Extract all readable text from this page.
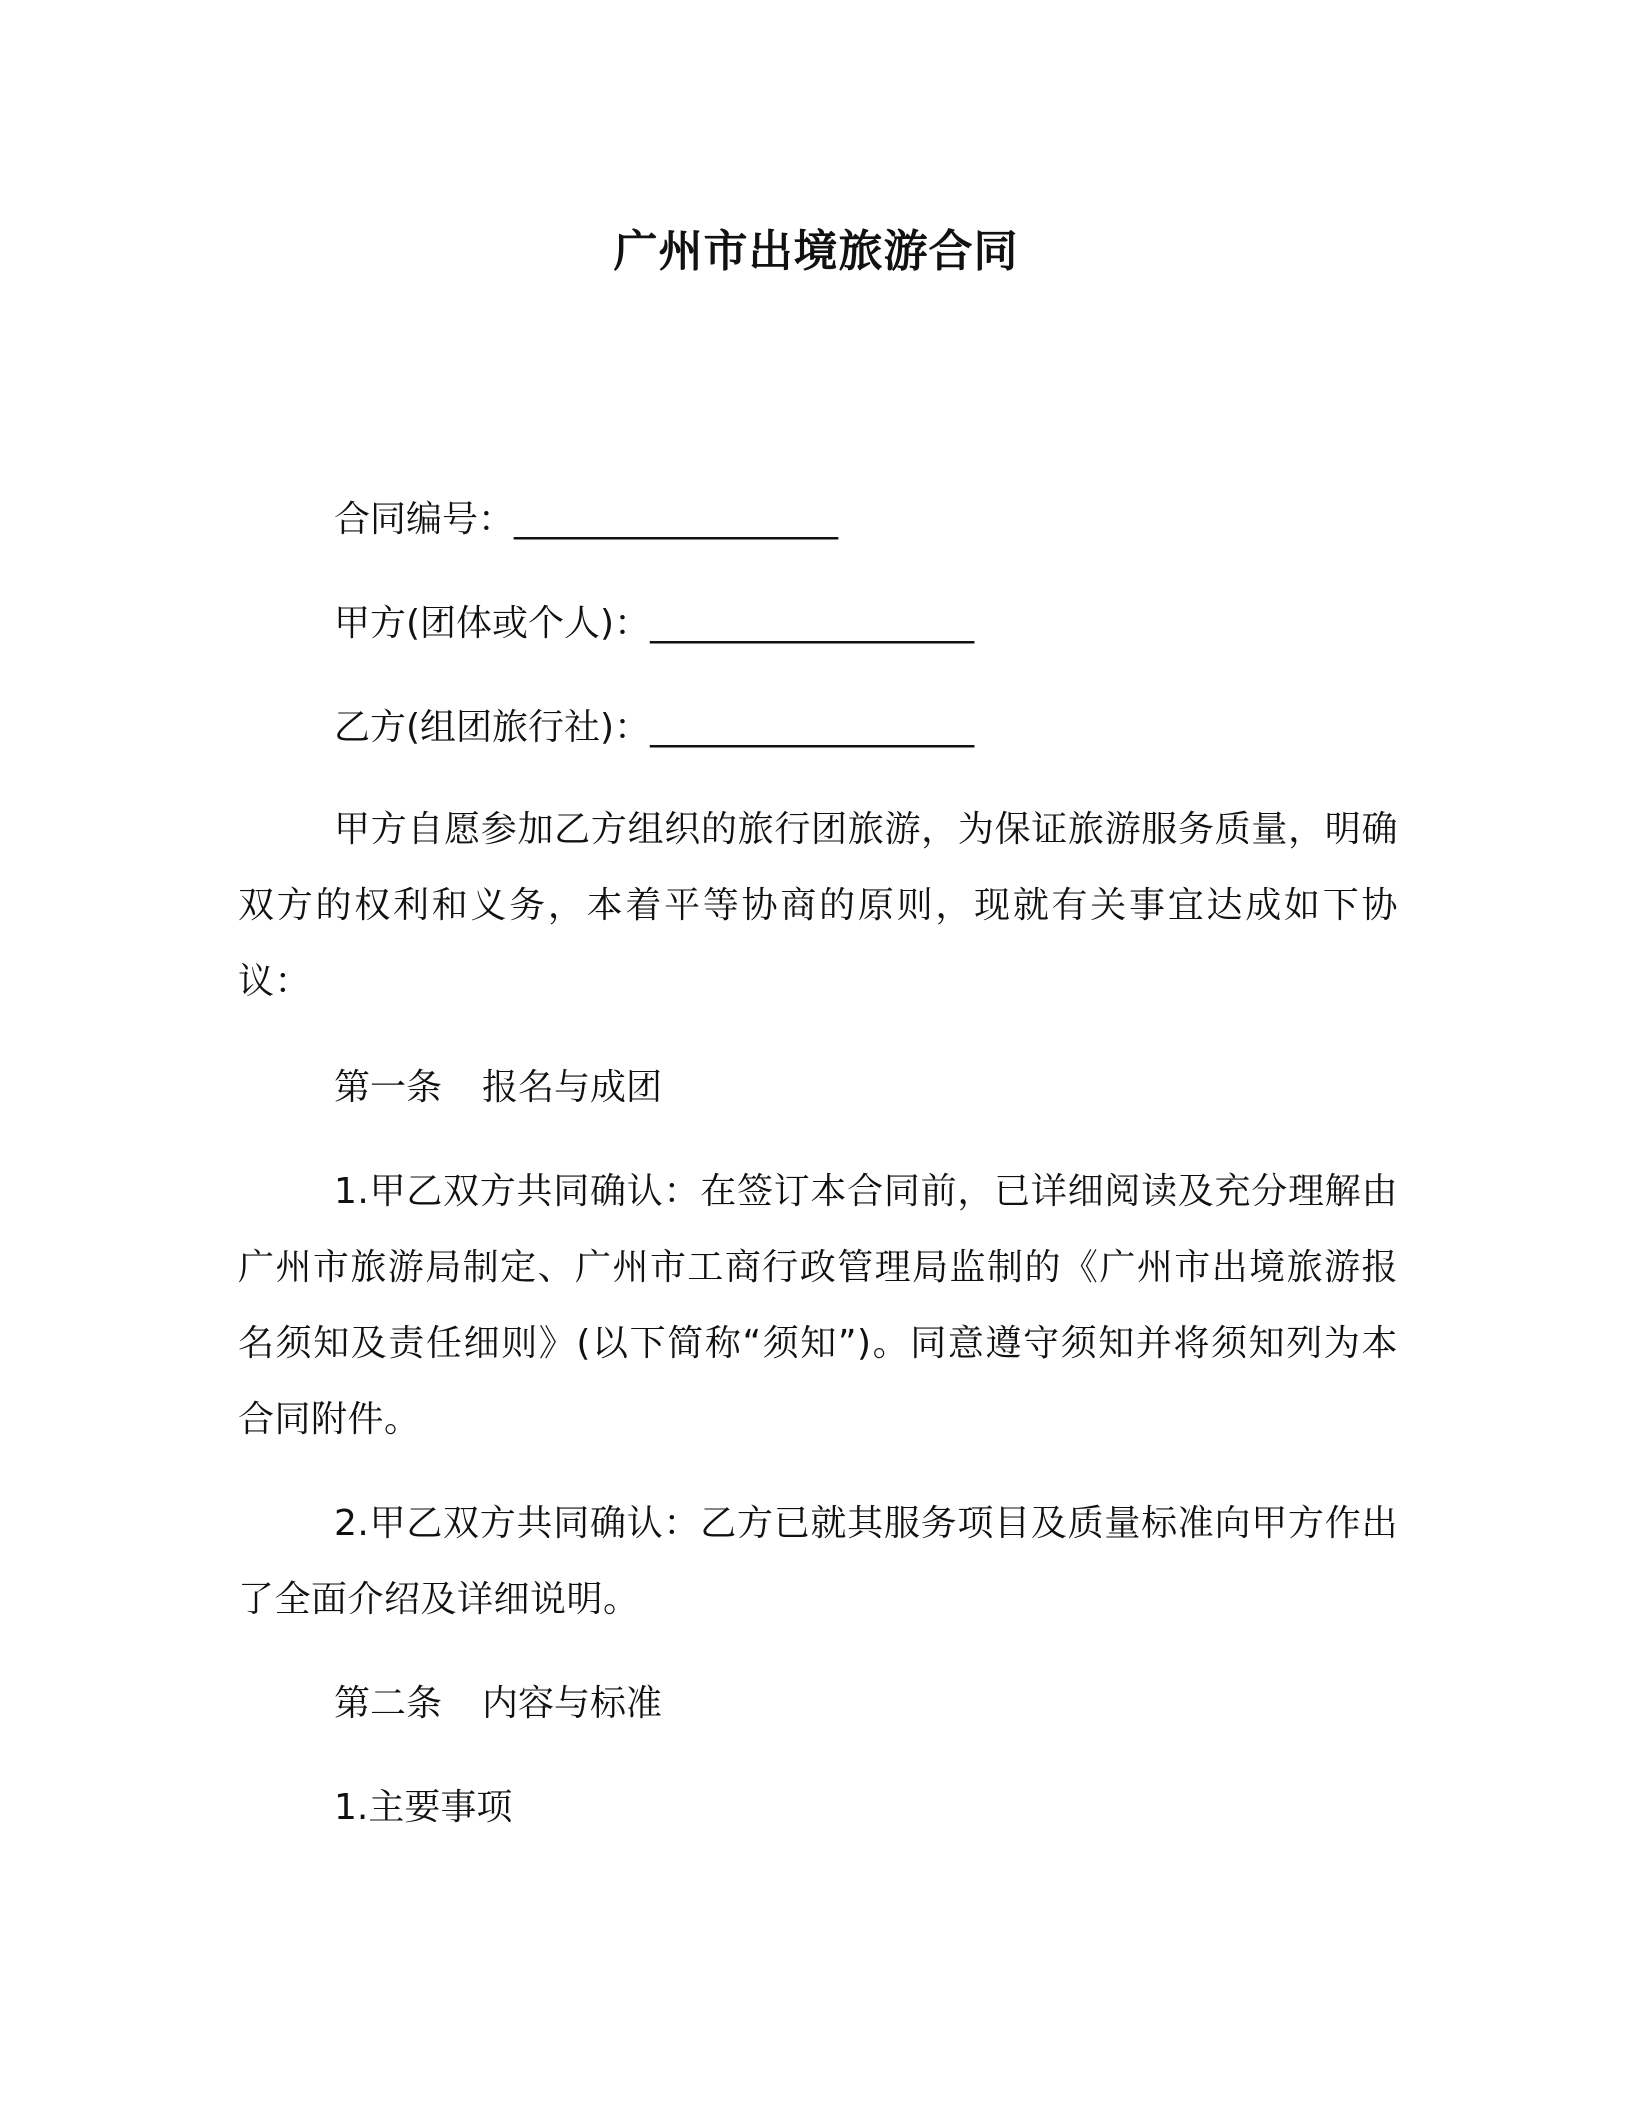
广州市出境旅游合同
合同编号：__________________
甲方(团体或个人)：__________________
乙方(组团旅行社)：__________________
甲方自愿参加乙方组织的旅行团旅游，为保证旅游服务质量，明确双方的权利和义务，本着平等协商的原则，现就有关事宜达成如下协议：
第一条 报名与成团
1.甲乙双方共同确认：在签订本合同前，已详细阅读及充分理解由广州市旅游局制定、广州市工商行政管理局监制的《广州市出境旅游报名须知及责任细则》(以下简称“须知”)。同意遵守须知并将须知列为本合同附件。
2.甲乙双方共同确认：乙方已就其服务项目及质量标准向甲方作出了全面介绍及详细说明。
第二条 内容与标准
1.主要事项
